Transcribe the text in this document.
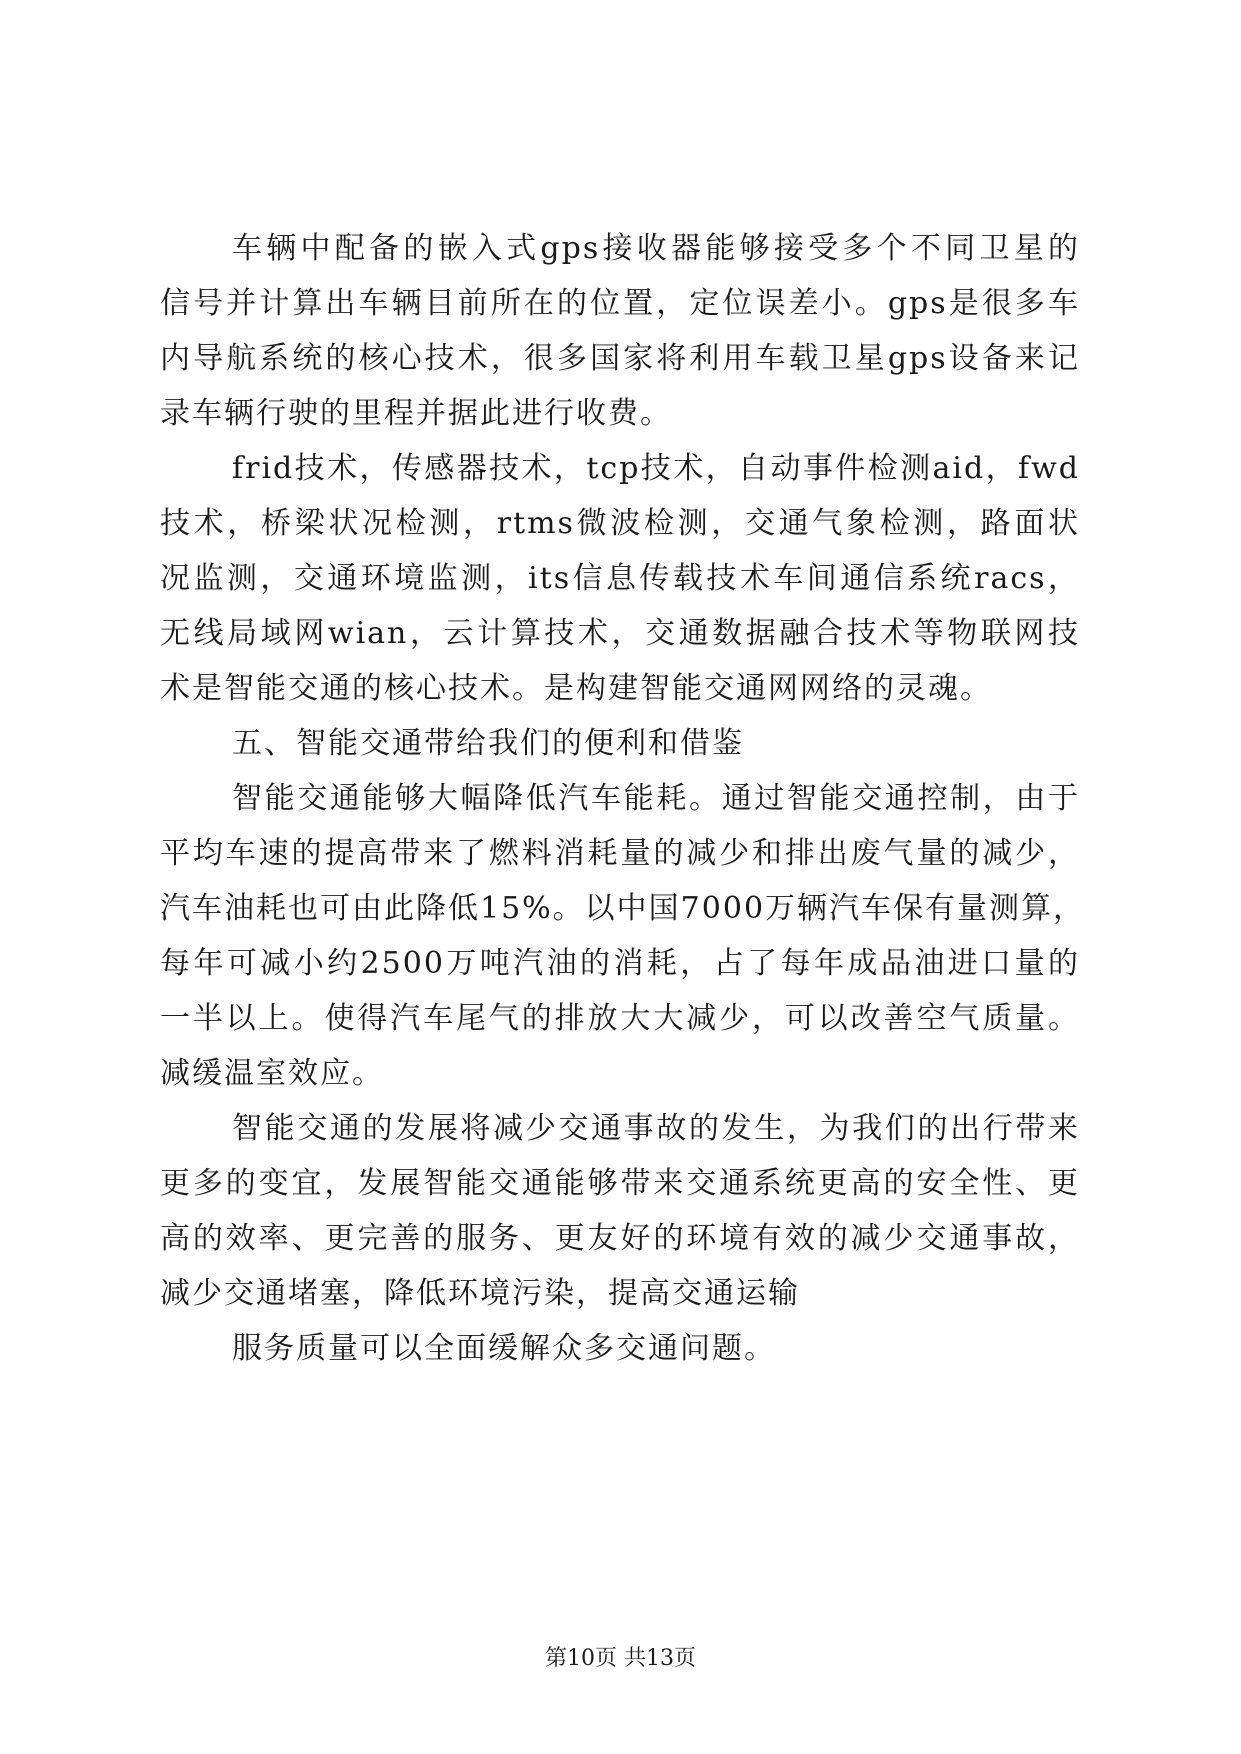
车辆中配备的嵌入式gps接收器能够接受多个不同卫星的
信号并计算出车辆目前所在的位置，定位误差小。gps是很多车
内导航系统的核心技术，很多国家将利用车载卫星gps设备来记
录车辆行驶的里程并据此进行收费。
frid技术，传感器技术，tcp技术，自动事件检测aid，fwd
技术，桥梁状况检测，rtms微波检测，交通气象检测，路面状
况监测，交通环境监测，its信息传载技术车间通信系统racs，
无线局域网wian，云计算技术，交通数据融合技术等物联网技
术是智能交通的核心技术。是构建智能交通网网络的灵魂。
五、智能交通带给我们的便利和借鉴
智能交通能够大幅降低汽车能耗。通过智能交通控制，由于
平均车速的提高带来了燃料消耗量的减少和排出废气量的减少，
汽车油耗也可由此降低15%。以中国7000万辆汽车保有量测算，
每年可减小约2500万吨汽油的消耗，占了每年成品油进口量的
一半以上。使得汽车尾气的排放大大减少，可以改善空气质量。
减缓温室效应。
智能交通的发展将减少交通事故的发生，为我们的出行带来
更多的变宜，发展智能交通能够带来交通系统更高的安全性、更
高的效率、更完善的服务、更友好的环境有效的减少交通事故，
减少交通堵塞，降低环境污染，提高交通运输
服务质量可以全面缓解众多交通问题。
第10页 共13页
